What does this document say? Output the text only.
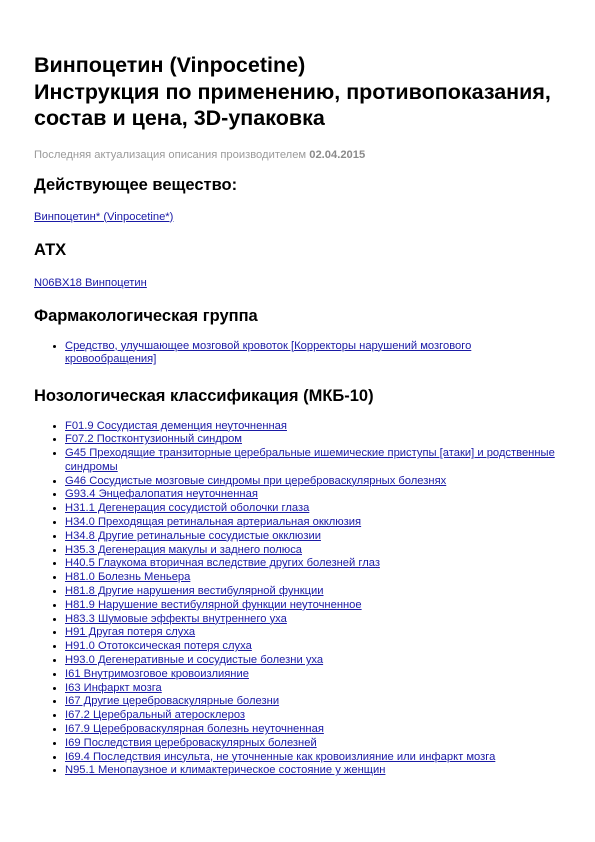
Винпоцетин (Vinpocetine)
Инструкция по применению, противопоказания, состав и цена, 3D-упаковка
Последняя актуализация описания производителем 02.04.2015
Действующее вещество:
Винпоцетин* (Vinpocetine*)
АТХ
N06BX18 Винпоцетин
Фармакологическая группа
• Средство, улучшающее мозговой кровоток [Корректоры нарушений мозгового кровообращения]
Нозологическая классификация (МКБ-10)
• F01.9 Сосудистая деменция неуточненная
• F07.2 Постконтузионный синдром
• G45 Преходящие транзиторные церебральные ишемические приступы [атаки] и родственные синдромы
• G46 Сосудистые мозговые синдромы при цереброваскулярных болезнях
• G93.4 Энцефалопатия неуточненная
• H31.1 Дегенерация сосудистой оболочки глаза
• H34.0 Преходящая ретинальная артериальная окклюзия
• H34.8 Другие ретинальные сосудистые окклюзии
• H35.3 Дегенерация макулы и заднего полюса
• H40.5 Глаукома вторичная вследствие других болезней глаз
• H81.0 Болезнь Меньера
• H81.8 Другие нарушения вестибулярной функции
• H81.9 Нарушение вестибулярной функции неуточненное
• H83.3 Шумовые эффекты внутреннего уха
• H91 Другая потеря слуха
• H91.0 Ототоксическая потеря слуха
• H93.0 Дегенеративные и сосудистые болезни уха
• I61 Внутримозговое кровоизлияние
• I63 Инфаркт мозга
• I67 Другие цереброваскулярные болезни
• I67.2 Церебральный атеросклероз
• I67.9 Цереброваскулярная болезнь неуточненная
• I69 Последствия цереброваскулярных болезней
• I69.4 Последствия инсульта, не уточненные как кровоизлияние или инфаркт мозга
• N95.1 Менопаузное и климактерическое состояние у женщин
